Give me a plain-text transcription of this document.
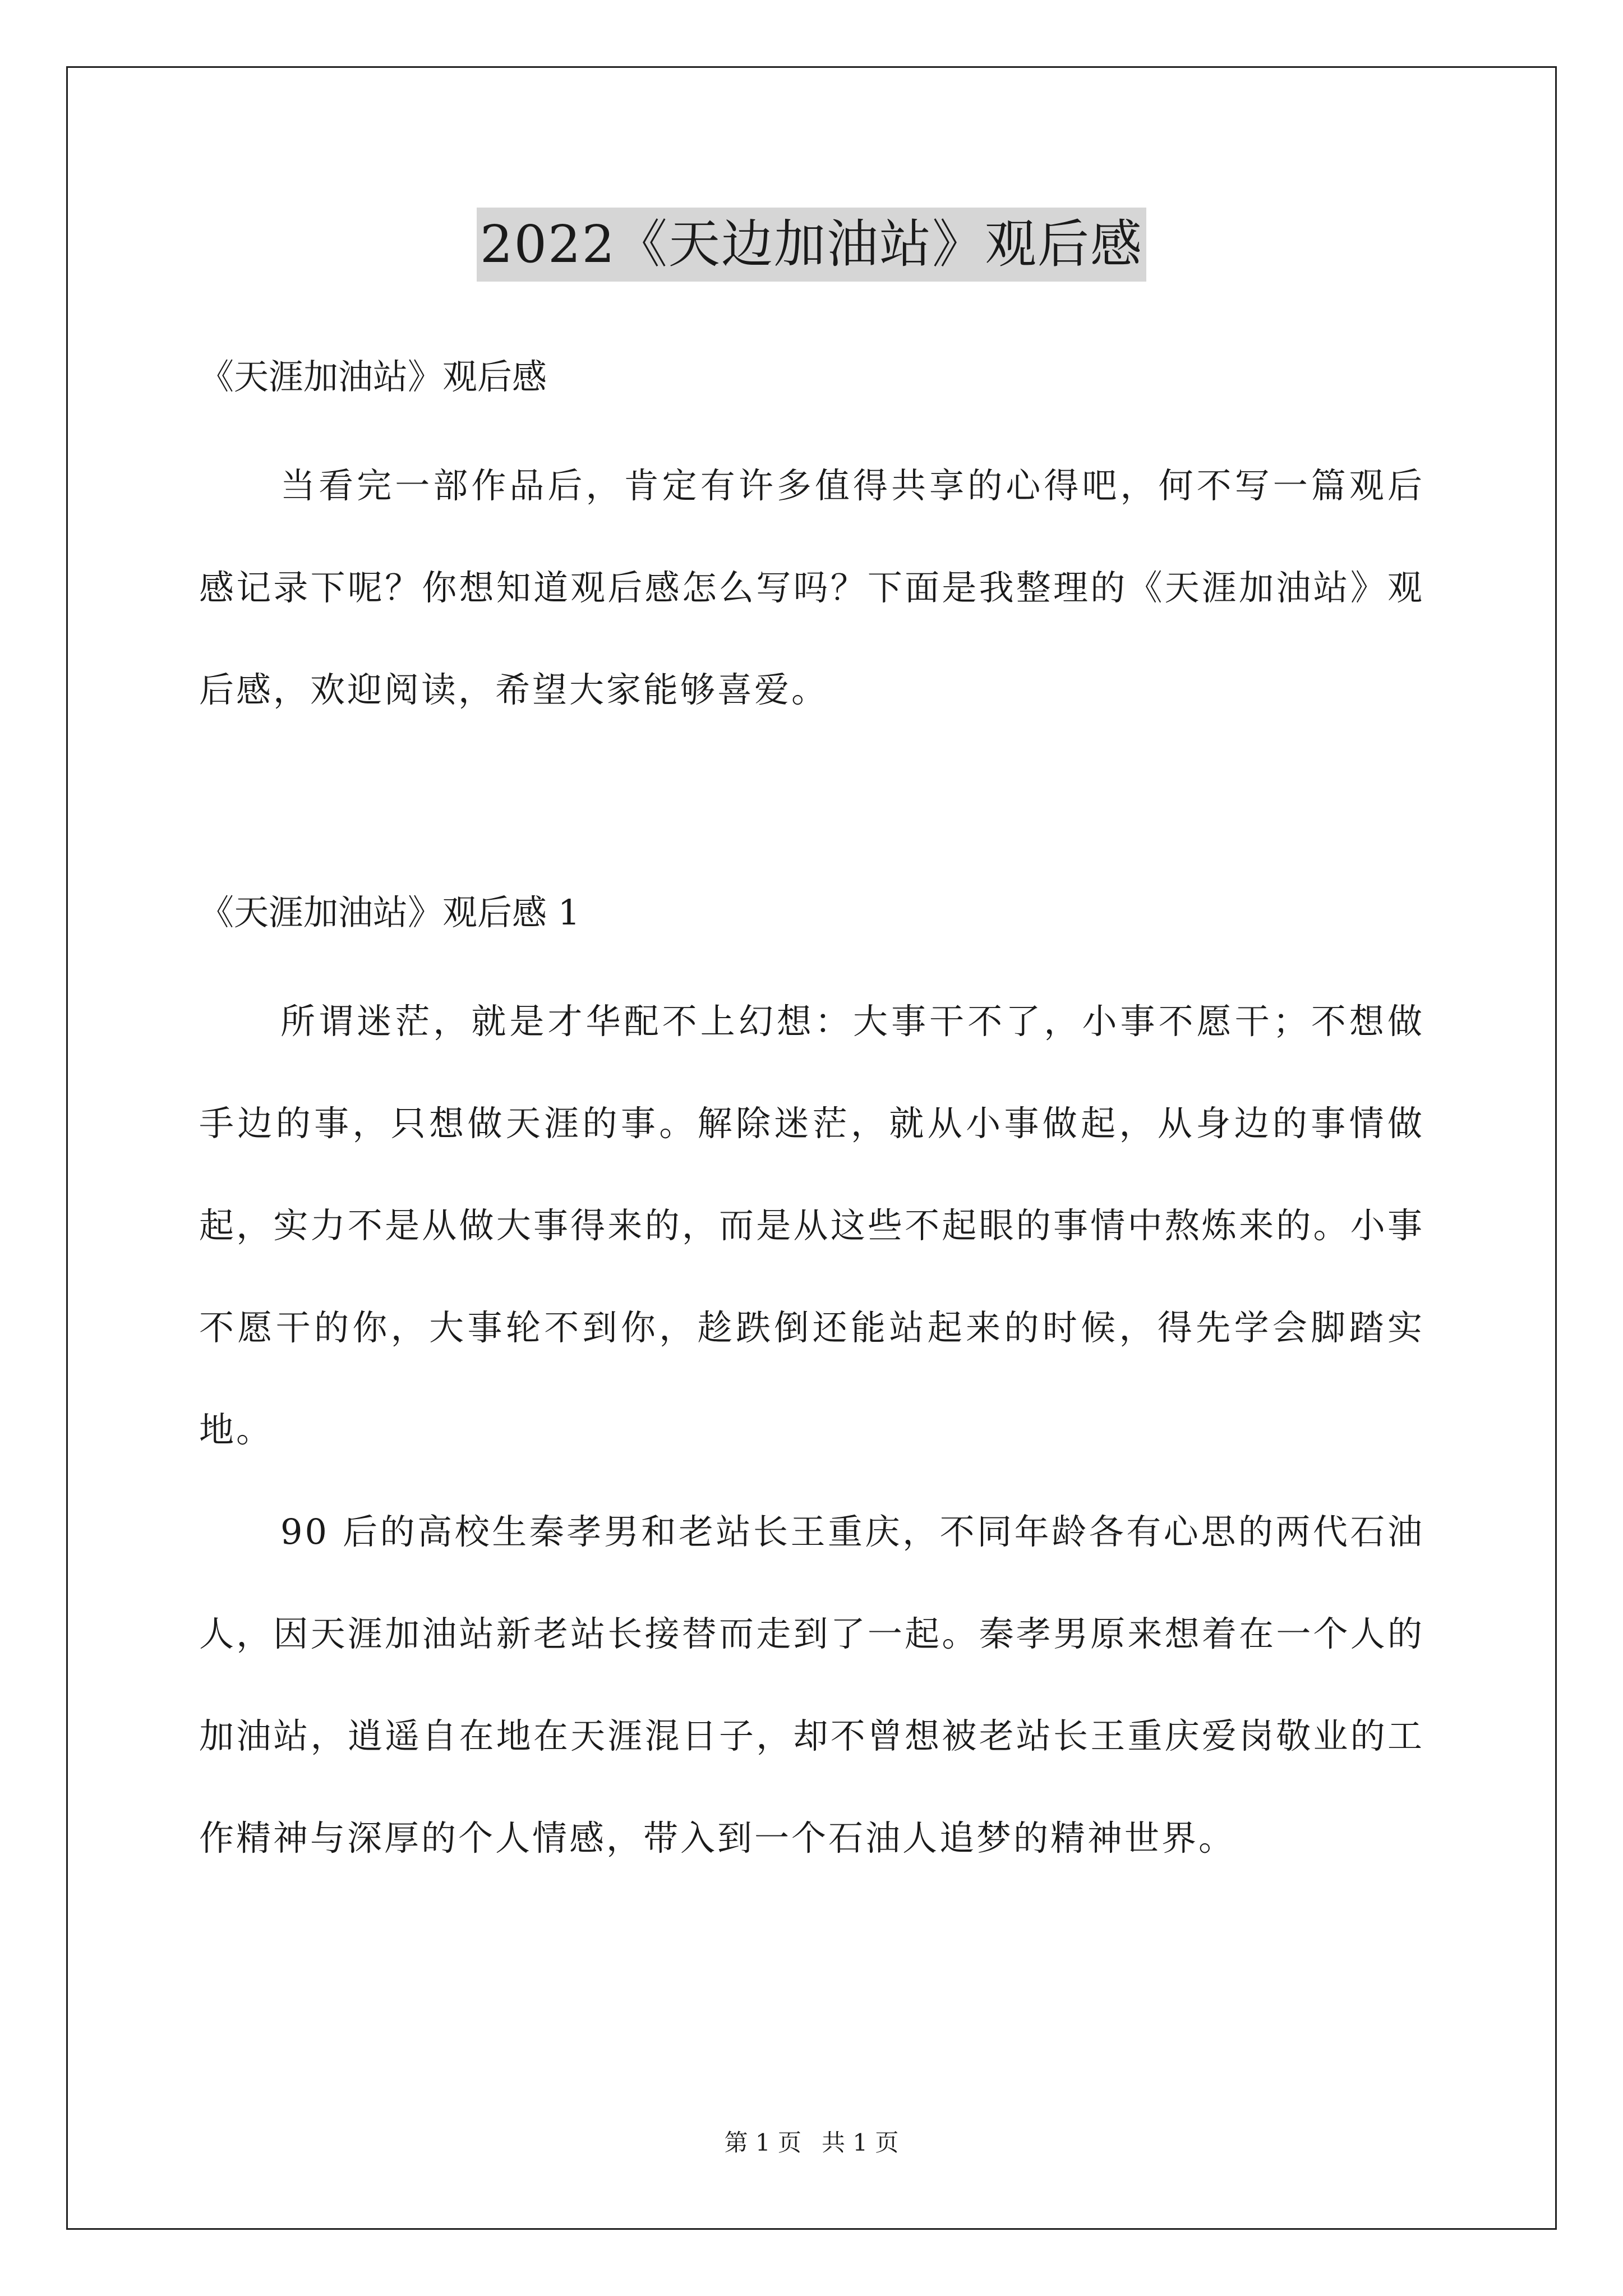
2022《天边加油站》观后感
《天涯加油站》观后感
当看完一部作品后，肯定有许多值得共享的心得吧，何不写一篇观后感记录下呢？你想知道观后感怎么写吗？下面是我整理的《天涯加油站》观后感，欢迎阅读，希望大家能够喜爱。
《天涯加油站》观后感 1
所谓迷茫，就是才华配不上幻想：大事干不了，小事不愿干；不想做手边的事，只想做天涯的事。解除迷茫，就从小事做起，从身边的事情做起，实力不是从做大事得来的，而是从这些不起眼的事情中熬炼来的。小事不愿干的你，大事轮不到你，趁跌倒还能站起来的时候，得先学会脚踏实地。
90 后的高校生秦孝男和老站长王重庆，不同年龄各有心思的两代石油人，因天涯加油站新老站长接替而走到了一起。秦孝男原来想着在一个人的加油站，逍遥自在地在天涯混日子，却不曾想被老站长王重庆爱岗敬业的工作精神与深厚的个人情感，带入到一个石油人追梦的精神世界。
第 1 页 共 1 页
